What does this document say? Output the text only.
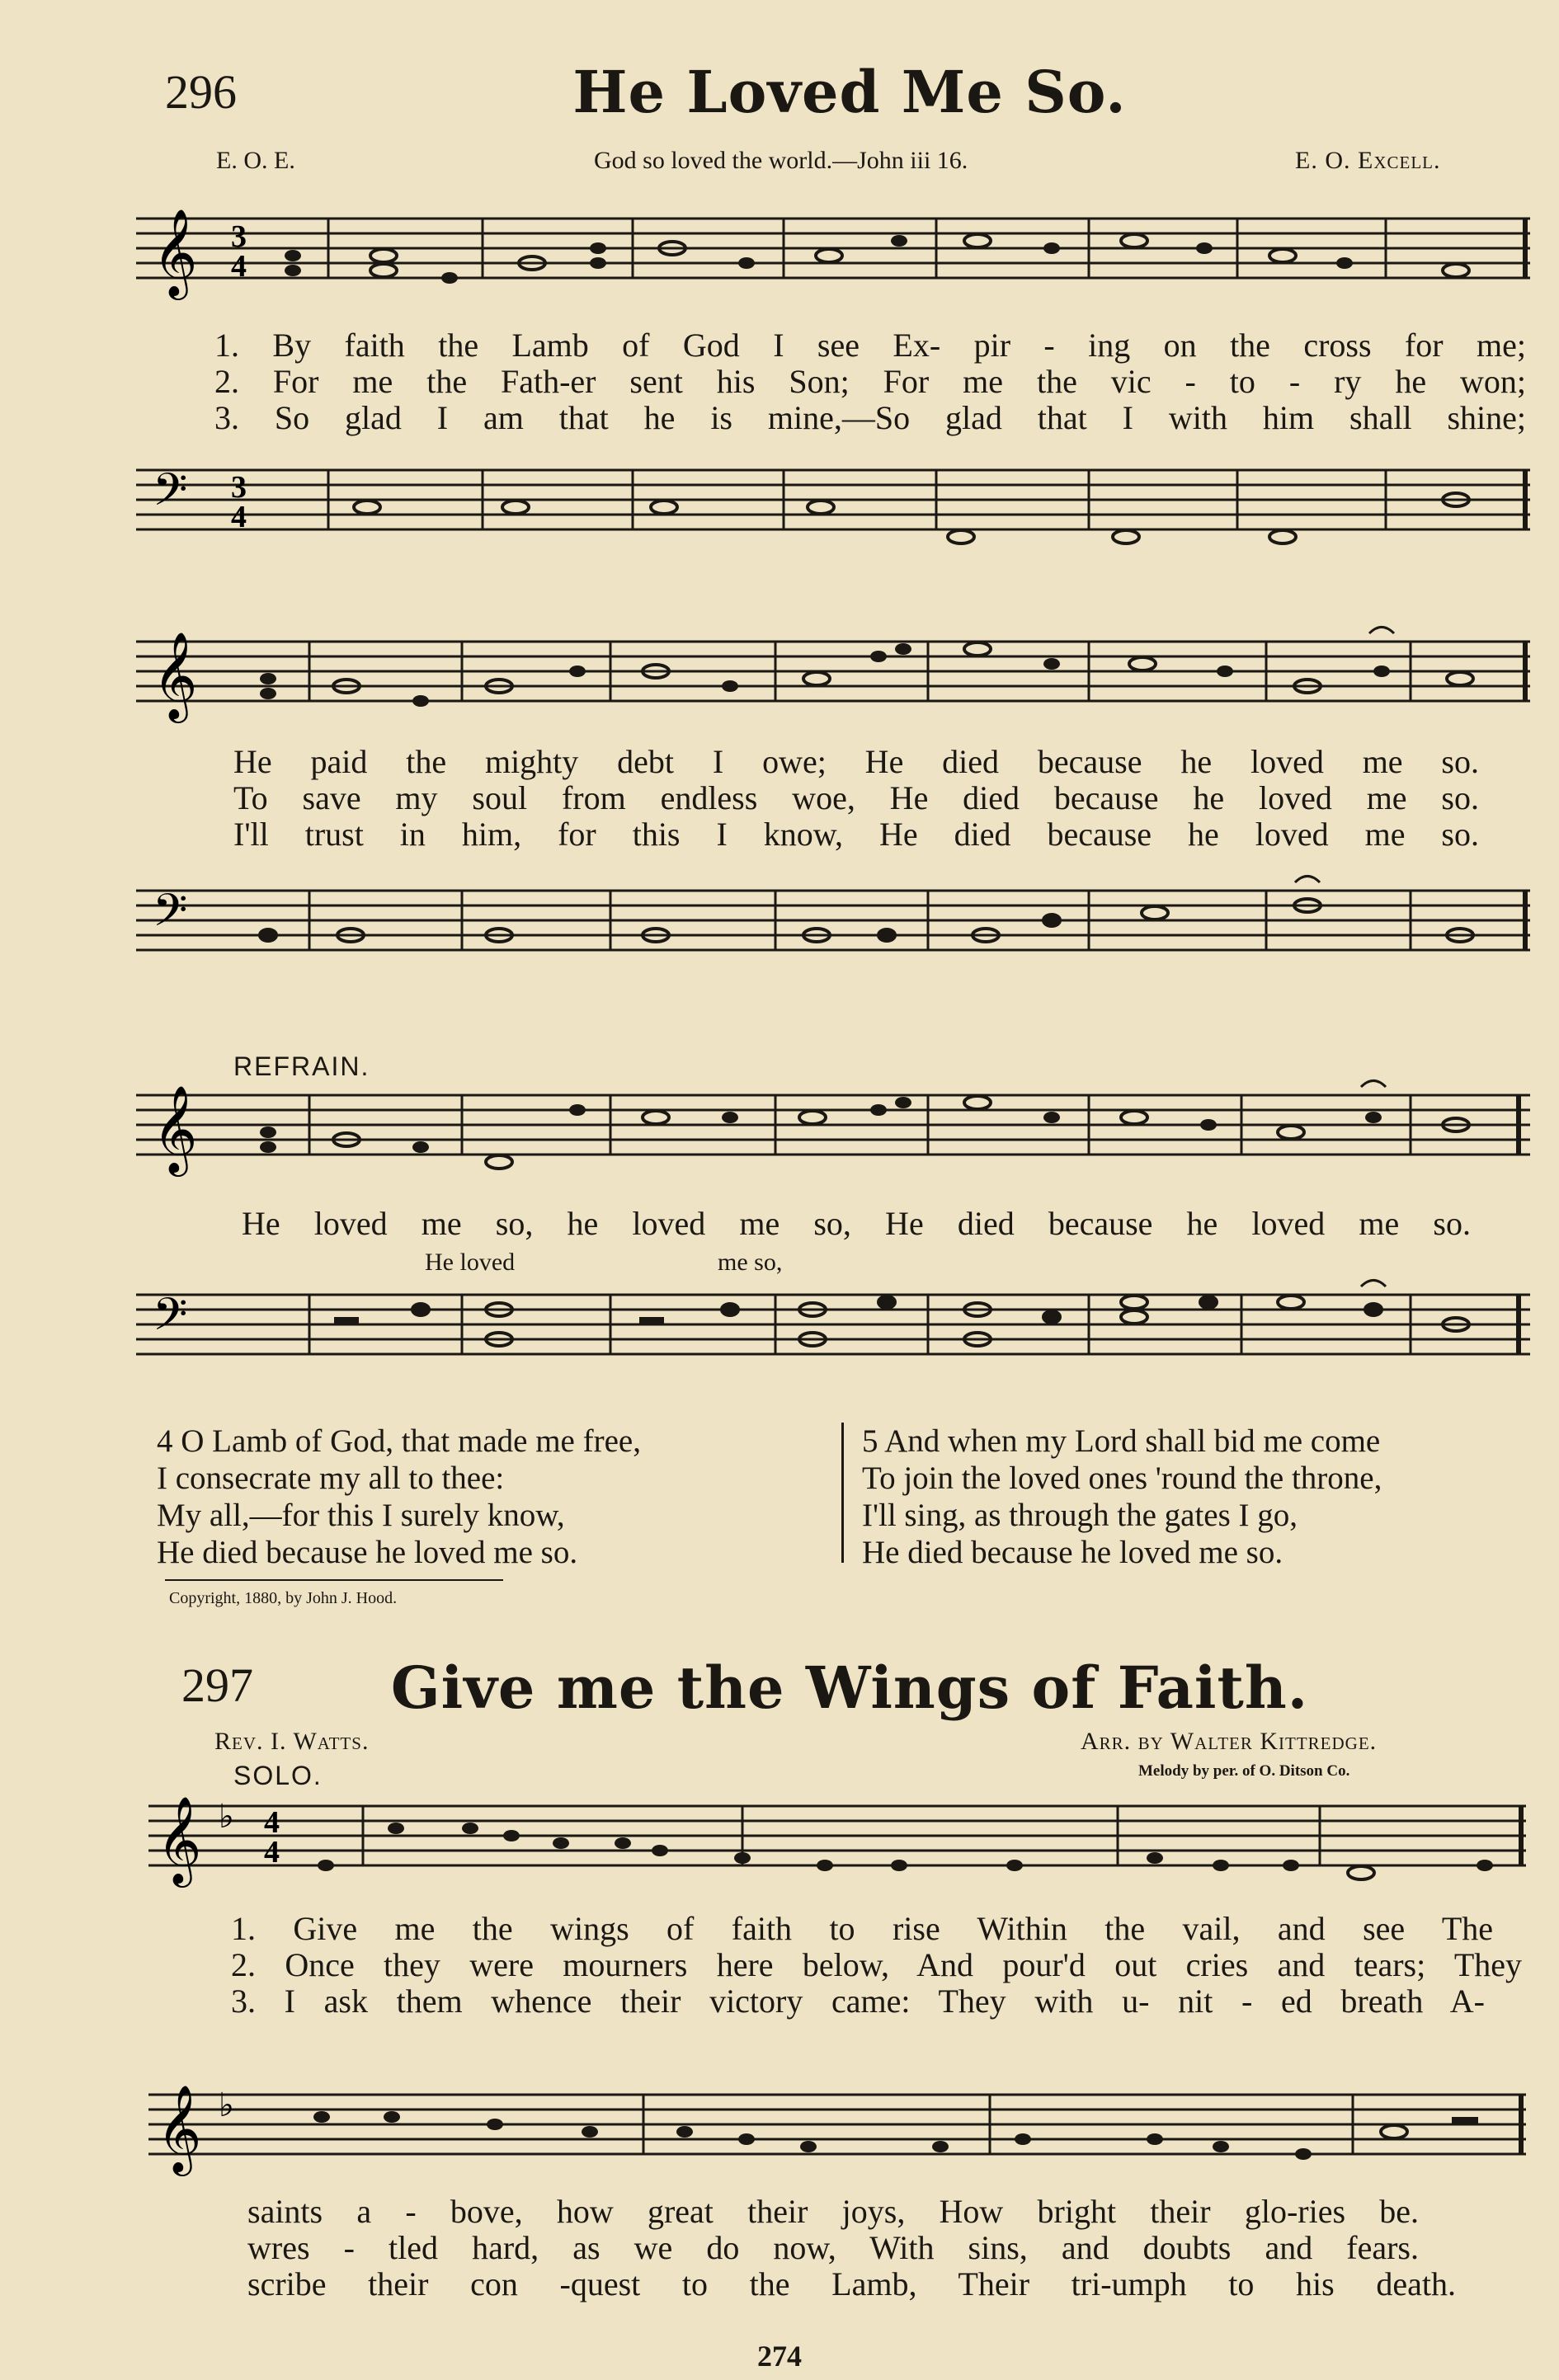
296	He Loved Me So.
E. O. E.	God so loved the world.—John iii 16.	E. O. Excell.
𝄞 3
4
1. By faith the Lamb of God I see Ex- pir - ing on the cross for me;
2. For me the Fath-er sent his Son; For me the vic - to - ry he won;
3. So glad I am that he is mine,—So glad that I with him shall shine;
𝄢 3
4
𝄞
He paid the mighty debt I owe; He died because he loved me so.
To save my soul from endless woe, He died because he loved me so.
I'll trust in him, for this I know, He died because he loved me so.
𝄢
REFRAIN.
𝄞
He loved me so, he loved me so, He died because he loved me so.
He loved	me so,
𝄢
4 O Lamb of God, that made me free,
I consecrate my all to thee:
My all,—for this I surely know,
He died because he loved me so.
5 And when my Lord shall bid me come
To join the loved ones 'round the throne,
I'll sing, as through the gates I go,
He died because he loved me so.
Copyright, 1880, by John J. Hood.
297	Give me the Wings of Faith.
Rev. I. Watts.	Arr. by Walter Kittredge.
Melody by per. of O. Ditson Co.
SOLO.
𝄞 ♭ 4
4
1. Give me the wings of faith to rise Within the vail, and see The
2. Once they were mourners here below, And pour'd out cries and tears; They
3. I ask them whence their victory came: They with u- nit - ed breath A-
𝄞 ♭
saints a - bove, how great their joys, How bright their glo-ries be.
wres - tled hard, as we do now, With sins, and doubts and fears.
scribe their con -quest to the Lamb, Their tri-umph to his death.
274
